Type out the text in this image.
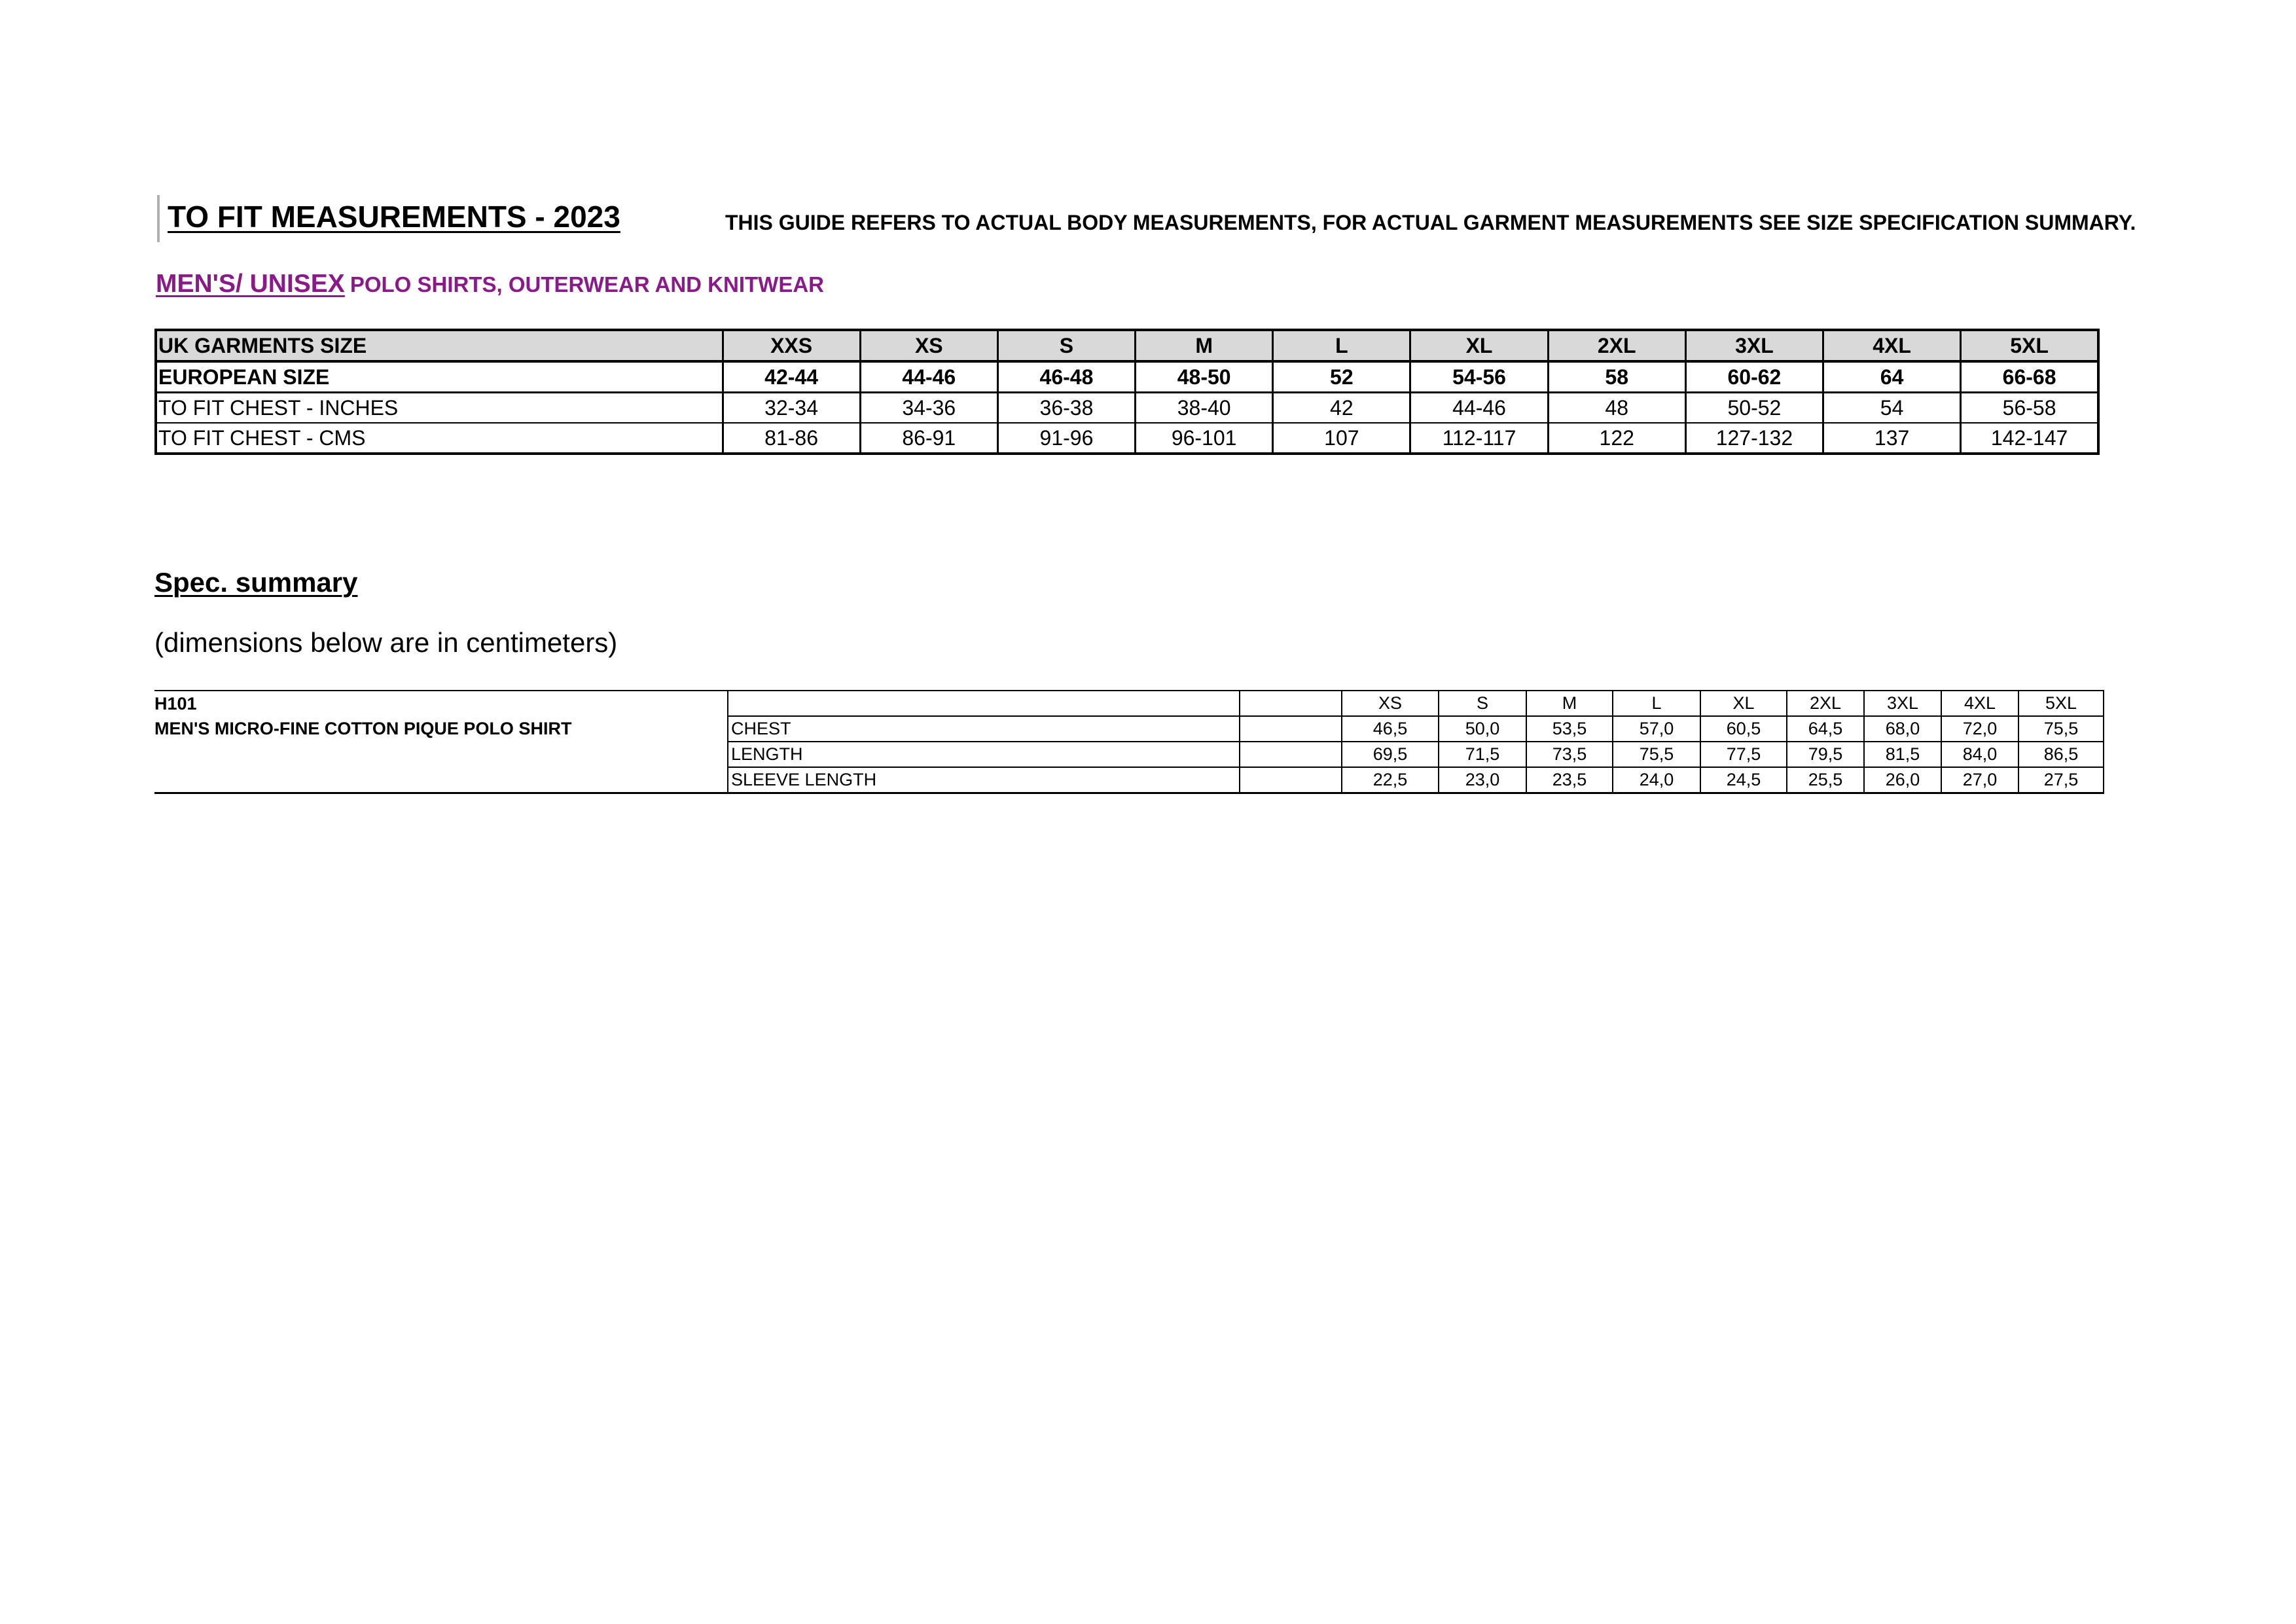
TO FIT MEASUREMENTS - 2023	THIS GUIDE REFERS TO ACTUAL BODY MEASUREMENTS, FOR ACTUAL GARMENT MEASUREMENTS SEE SIZE SPECIFICATION SUMMARY.
MEN'S/ UNISEX POLO SHIRTS, OUTERWEAR AND KNITWEAR
UK GARMENTS SIZE	XXS	XS	S	M	L	XL	2XL	3XL	4XL	5XL
EUROPEAN SIZE	42-44	44-46	46-48	48-50	52	54-56	58	60-62	64	66-68
TO FIT CHEST - INCHES	32-34	34-36	36-38	38-40	42	44-46	48	50-52	54	56-58
TO FIT CHEST - CMS	81-86	86-91	91-96	96-101	107	112-117	122	127-132	137	142-147
Spec. summary
(dimensions below are in centimeters)
H101			XS	S	M	L	XL	2XL	3XL	4XL	5XL
MEN'S MICRO-FINE COTTON PIQUE POLO SHIRT	CHEST		46,5	50,0	53,5	57,0	60,5	64,5	68,0	72,0	75,5
	LENGTH		69,5	71,5	73,5	75,5	77,5	79,5	81,5	84,0	86,5
	SLEEVE LENGTH		22,5	23,0	23,5	24,0	24,5	25,5	26,0	27,0	27,5
